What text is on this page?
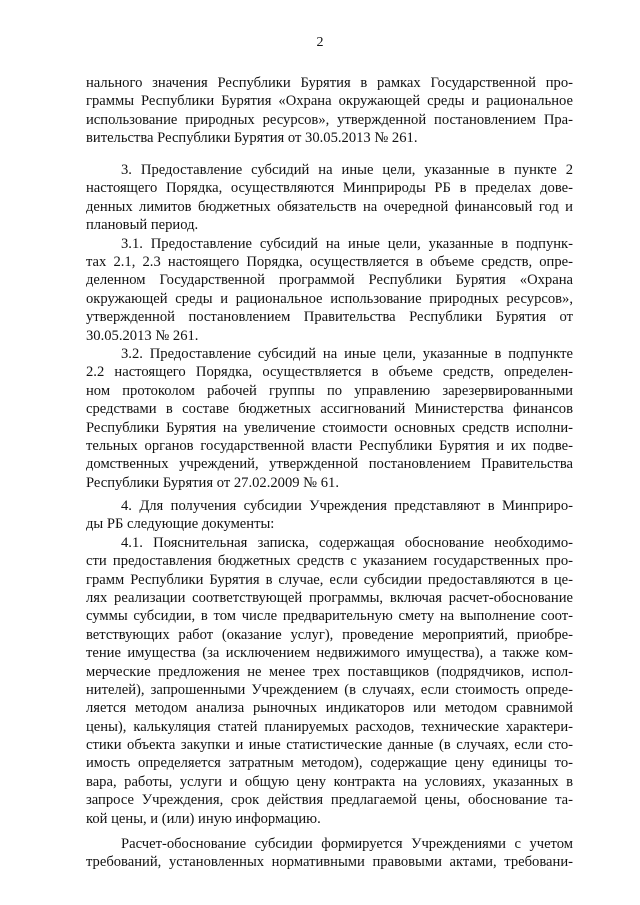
2
нального значения Республики Бурятия в рамках Государственной про-
граммы Республики Бурятия «Охрана окружающей среды и рациональное
использование природных ресурсов», утвержденной постановлением Пра-
вительства Республики Бурятия от 30.05.2013 № 261.
3. Предоставление субсидий на иные цели, указанные в пункте 2
настоящего Порядка, осуществляются Минприроды РБ в пределах дове-
денных лимитов бюджетных обязательств на очередной финансовый год и
плановый период.
3.1. Предоставление субсидий на иные цели, указанные в подпунк-
тах 2.1, 2.3 настоящего Порядка, осуществляется в объеме средств, опре-
деленном Государственной программой Республики Бурятия «Охрана
окружающей среды и рациональное использование природных ресурсов»,
утвержденной постановлением Правительства Республики Бурятия от
30.05.2013 № 261.
3.2. Предоставление субсидий на иные цели, указанные в подпункте
2.2 настоящего Порядка, осуществляется в объеме средств, определен-
ном протоколом рабочей группы по управлению зарезервированными
средствами в составе бюджетных ассигнований Министерства финансов
Республики Бурятия на увеличение стоимости основных средств исполни-
тельных органов государственной власти Республики Бурятия и их подве-
домственных учреждений, утвержденной постановлением Правительства
Республики Бурятия от 27.02.2009 № 61.
4. Для получения субсидии Учреждения представляют в Минприро-
ды РБ следующие документы:
4.1. Пояснительная записка, содержащая обоснование необходимо-
сти предоставления бюджетных средств с указанием государственных про-
грамм Республики Бурятия в случае, если субсидии предоставляются в це-
лях реализации соответствующей программы, включая расчет-обоснование
суммы субсидии, в том числе предварительную смету на выполнение соот-
ветствующих работ (оказание услуг), проведение мероприятий, приобре-
тение имущества (за исключением недвижимого имущества), а также ком-
мерческие предложения не менее трех поставщиков (подрядчиков, испол-
нителей), запрошенными Учреждением (в случаях, если стоимость опреде-
ляется методом анализа рыночных индикаторов или методом сравнимой
цены), калькуляция статей планируемых расходов, технические характери-
стики объекта закупки и иные статистические данные (в случаях, если сто-
имость определяется затратным методом), содержащие цену единицы то-
вара, работы, услуги и общую цену контракта на условиях, указанных в
запросе Учреждения, срок действия предлагаемой цены, обоснование та-
кой цены, и (или) иную информацию.
Расчет-обоснование субсидии формируется Учреждениями с учетом
требований, установленных нормативными правовыми актами, требовани-
